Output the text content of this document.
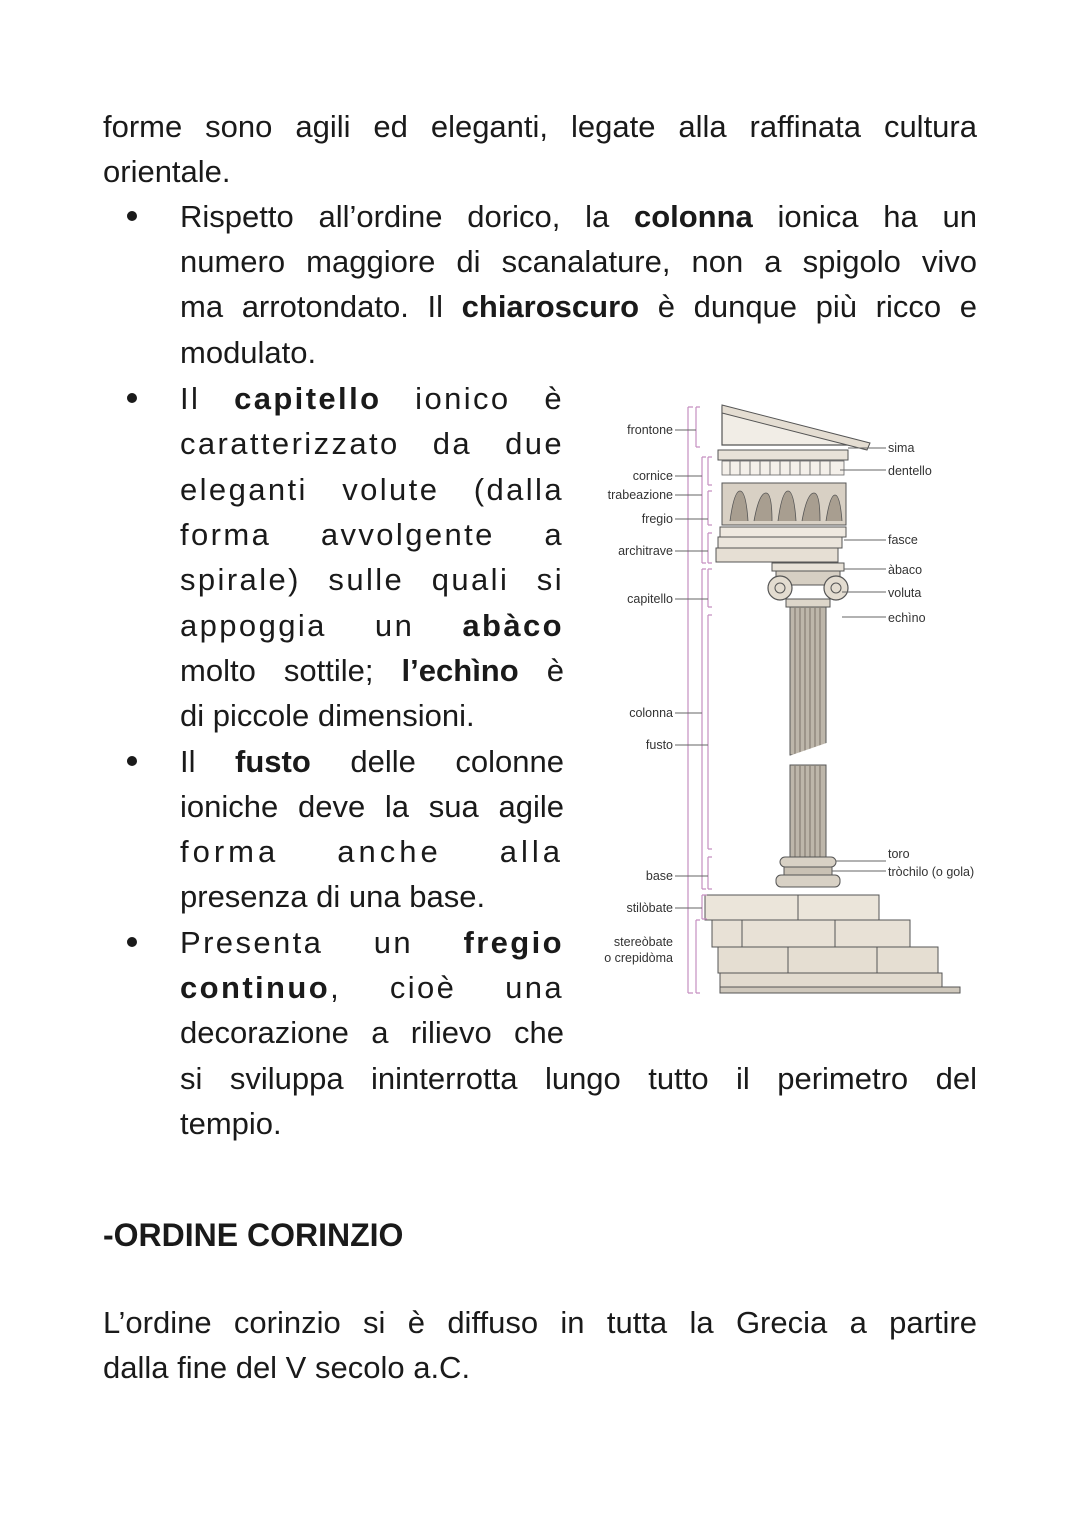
forme sono agili ed eleganti, legate alla raffinata cultura

orientale.

Rispetto all’ordine dorico, la colonna ionica ha un

numero maggiore di scanalature, non a spigolo vivo

ma arrotondato. Il chiaroscuro è dunque più ricco e

modulato.

Il capitello ionico è

caratterizzato da due

eleganti volute (dalla

forma avvolgente a

spirale) sulle quali si

appoggia un abàco

molto sottile; l’echìno è

di piccole dimensioni.

Il fusto delle colonne

ioniche deve la sua agile

forma anche alla

presenza di una base.

Presenta un fregio

continuo, cioè una

decorazione a rilievo che

si sviluppa ininterrotta lungo tutto il perimetro del

tempio.

-ORDINE CORINZIO

L’ordine corinzio si è diffuso in tutta la Grecia a partire

dalla fine del V secolo a.C.

frontone
cornice
trabeazione
fregio
architrave
capitello
colonna
fusto
base
stilòbate
stereòbate
o crepidòma
sima
dentello
fasce
àbaco
voluta
echìno
toro
tròchilo (o gola)
